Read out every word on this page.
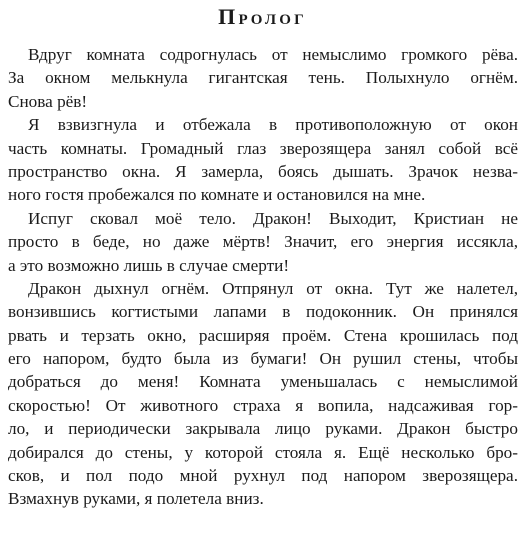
Пролог
Вдруг комната содрогнулась от немыслимо громкого рёва.
За окном мелькнула гигантская тень. Полыхнуло огнём.
Снова рёв!
Я взвизгнула и отбежала в противоположную от окон
часть комнаты. Громадный глаз зверозящера занял собой всё
пространство окна. Я замерла, боясь дышать. Зрачок незва-
ного гостя пробежался по комнате и остановился на мне.
Испуг сковал моё тело. Дракон! Выходит, Кристиан не
просто в беде, но даже мёртв! Значит, его энергия иссякла,
а это возможно лишь в случае смерти!
Дракон дыхнул огнём. Отпрянул от окна. Тут же налетел,
вонзившись когтистыми лапами в подоконник. Он принялся
рвать и терзать окно, расширяя проём. Стена крошилась под
его напором, будто была из бумаги! Он рушил стены, чтобы
добраться до меня! Комната уменьшалась с немыслимой
скоростью! От животного страха я вопила, надсаживая гор-
ло, и периодически закрывала лицо руками. Дракон быстро
добирался до стены, у которой стояла я. Ещё несколько бро-
сков, и пол подо мной рухнул под напором зверозящера.
Взмахнув руками, я полетела вниз.
